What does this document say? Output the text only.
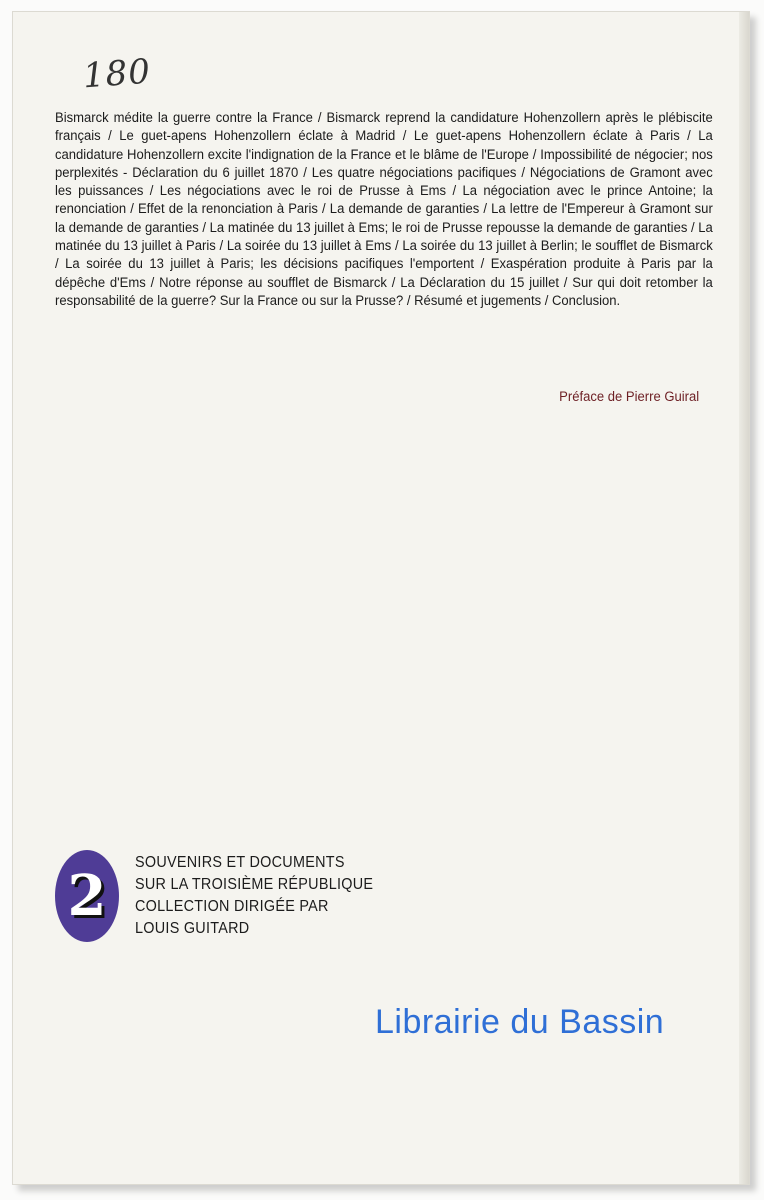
180
Bismarck médite la guerre contre la France / Bismarck reprend la candidature Hohenzollern après le plébiscite français / Le guet-apens Hohenzollern éclate à Madrid / Le guet-apens Hohenzollern éclate à Paris / La candidature Hohenzollern excite l'indignation de la France et le blâme de l'Europe / Impossibilité de négocier; nos perplexités - Déclaration du 6 juillet 1870 / Les quatre négociations pacifiques / Négociations de Gramont avec les puissances / Les négociations avec le roi de Prusse à Ems / La négociation avec le prince Antoine; la renonciation / Effet de la renonciation à Paris / La demande de garanties / La lettre de l'Empereur à Gramont sur la demande de garanties / La matinée du 13 juillet à Ems; le roi de Prusse repousse la demande de garanties / La matinée du 13 juillet à Paris / La soirée du 13 juillet à Ems / La soirée du 13 juillet à Berlin; le soufflet de Bismarck / La soirée du 13 juillet à Paris; les décisions pacifiques l'emportent / Exaspération produite à Paris par la dépêche d'Ems / Notre réponse au soufflet de Bismarck / La Déclaration du 15 juillet / Sur qui doit retomber la responsabilité de la guerre? Sur la France ou sur la Prusse? / Résumé et jugements / Conclusion.
Préface de Pierre Guiral
2
SOUVENIRS ET DOCUMENTS
SUR LA TROISIÈME RÉPUBLIQUE
COLLECTION DIRIGÉE PAR
LOUIS GUITARD
Librairie du Bassin
